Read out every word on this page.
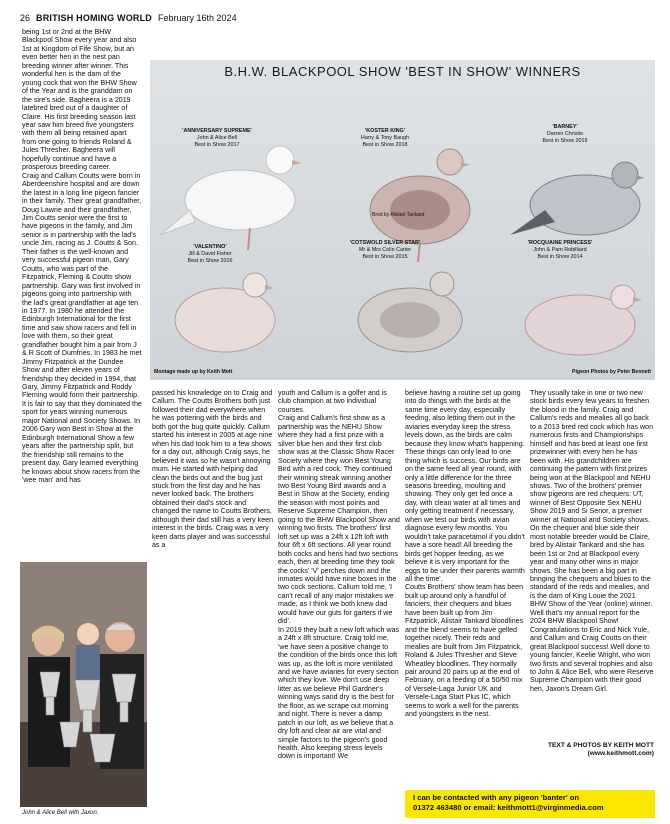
26 BRITISH HOMING WORLD February 16th 2024

being 1st or 2nd at the BHW Blackpool Show every year and also 1st at Kingdom of Fife Show, but an even better hen in the nest pan breeding winner after winner. This wonderful hen is the dam of the young cock that won the BHW Show of the Year and is the granddam on the sire's side. Bagheera is a 2019 latebred bred out of a daughter of Claire. His first breeding season last year saw him breed five youngsters with them all being retained apart from one going to friends Roland & Jules Thresher. Bagheera will hopefully continue and have a prosperous breeding career.

Craig and Callum Coutts were born in Aberdeenshire hospital and are down the latest in a long line pigeon fancier in their family. Their great grandfather, Doug Lawrie and their grandfather, Jim Coutts senior were the first to have pigeons in the family, and Jim senior is in partnership with the lad's uncle Jim, racing as J. Coutts & Son. Their father is the well-known and very successful pigeon man, Gary Coutts, who was part of the Fitzpatrick, Fleming & Coutts show partnership. Gary was first involved in pigeons going into partnership with the lad's great grandfather at age ten in 1977. In 1980 he attended the Edinburgh International for the first time and saw show racers and fell in love with them, so their great grandfather bought him a pair from J & R Scott of Dumfries. In 1983 he met Jimmy Fitzpatrick at the Dundee Show and after eleven years of friendship they decided in 1994, that Gary, Jimmy Fitzpatrick and Roddy Fleming would form their partnership. It is fair to say that they dominated the sport for years winning numerous major National and Society Shows. In 2006 Gary won Best in Show at the Edinburgh International Show a few years after the partnership split, but the friendship still remains to the present day. Gary learned everything he knows about show racers from the 'wee man' and has

B.H.W. BLACKPOOL SHOW 'BEST IN SHOW' WINNERS
'ANNIVERSARY SUPREME'
John & Alice Bell
Best in Show 2017
'KOSTER KING'
Harry & Tony Baugh
Best in Show 2018
'BARNEY'
Darren Christie
Best in Show 2019
'VALENTINO'
Jill & David Fisher
Best in Show 2016
'COTSWOLD SILVER STAR'
Mr & Mrs Colin Carter
Best in Show 2015
'ROCQUAINE PRINCESS'
John & Pam Robilliard
Best in Show 2014
Bred by Alistair Tankard
Montage made up by Keith Mott	Pigeon Photos by Peter Bennett

passed his knowledge on to Craig and Callum. The Coutts Brothers both just followed their dad everywhere when he was pottering with the birds and both got the bug quite quickly. Callum started his interest in 2005 at age nine when his dad took him to a few shows for a day out, although Craig says, he believed it was so he wasn't annoying mum. He started with helping dad clean the birds out and the bug just stuck from the first day and he has never looked back. The brothers obtained their dad's stock and changed the name to Coutts Brothers, although their dad still has a very keen interest in the birds. Craig was a very keen darts player and was successful as a

youth and Callum is a golfer and is club champion at two individual courses.

Craig and Callum's first show as a partnership was the NEHU Show where they had a first prize with a silver blue hen and their first club show was at the Classic Show Racer Society where they won Best Young Bird with a red cock. They continued their winning streak winning another two Best Young Bird awards and a Best in Show at the Society, ending the season with most points and Reserve Supreme Champion, then going to the BHW Blackpool Show and winning two firsts. The brothers' first loft set up was a 24ft x 12ft loft with four 6ft x 6ft sections. All year round both cocks and hens had two sections each, then at breeding time they took the cocks' 'V' perches down and the inmates would have nine boxes in the two cock sections. Callum told me, 'I can't recall of any major mistakes we made, as I think we both knew dad would have our guts for garters if we did'.

In 2019 they built a new loft which was a 24ft x 8ft structure. Craig told me, 'we have seen a positive change to the condition of the birds once this loft was up, as the loft is more ventilated and we have aviaries for every section which they love. We don't use deep litter as we believe Phil Gardner's winning ways sand dry is the best for the floor, as we scrape out morning and night. There is never a damp patch in our loft, as we believe that a dry loft and clear air are vital and simple factors to the pigeon's good health. Also keeping stress levels down is important! We

believe having a routine set up going into do things with the birds at the same time every day, especially feeding, also letting them out in the aviaries everyday keep the stress levels down, as the birds are calm because they know what's happening. These things can only lead to one thing which is success. Our birds are on the same feed all year round, with only a little difference for the three seasons breeding, moulting and showing. They only get fed once a day, with clean water at all times and only getting treatment if necessary, when we test our birds with avian diagnose every few months. You wouldn't take paracetamol if you didn't have a sore head! All breeding the birds get hopper feeding, as we believe it is very important for the eggs to be under their parents warmth all the time'.

Coutts Brothers' show team has been built up around only a handful of fanciers, their chequers and blues have been built up from Jim Fitzpatrick, Alistair Tankard bloodlines and the blend seems to have gelled together nicely. Their reds and mealies are built from Jim Fitzpatrick, Roland & Jules Thresher and Steve Wheatley bloodlines. They normally pair around 20 pairs up at the end of February, on a feeding of a 50/50 mix of Versele-Laga Junior UK and Versele-Laga Start Plus IC, which seems to work a well for the parents and youngsters in the nest.

They usually take in one or two new stock birds every few years to freshen the blood in the family. Craig and Callum's reds and mealies all go back to a 2013 bred red cock which has won numerous firsts and Championships himself and has bred at least one first prizewinner with every hen he has been with. His grandchildren are continuing the pattern with first prizes being won at the Blackpool and NEHU shows. Two of the brothers' premier show pigeons are red chequers: UT, winner of Best Opposite Sex NEHU Show 2019 and Si Senor, a premier winner at National and Society shows. On the chequer and blue side their most notable breeder would be Claire, bred by Alistair Tankard and she has been 1st or 2nd at Blackpool every year and many other wins in major shows. She has been a big part in bringing the chequers and blues to the standard of the reds and mealies, and is the dam of King Louie the 2021 BHW Show of the Year (online) winner.

Well that's my annual report for the 2024 BHW Blackpool Show! Congratulations to Eric and Nick Yule, and Callum and Craig Coutts on their great Blackpool success! Well done to young fancier, Keelie Wright, who won two firsts and several trophies and also to John & Alice Bell, who were Reserve Supreme Champion with their good hen, Jaxon's Dream Girl.

TEXT & PHOTOS BY KEITH MOTT
(www.keithmott.com)
John & Alice Bell with Jaxon.
I can be contacted with any pigeon 'banter' on
01372 463480 or email: keithmott1@virginmedia.com
